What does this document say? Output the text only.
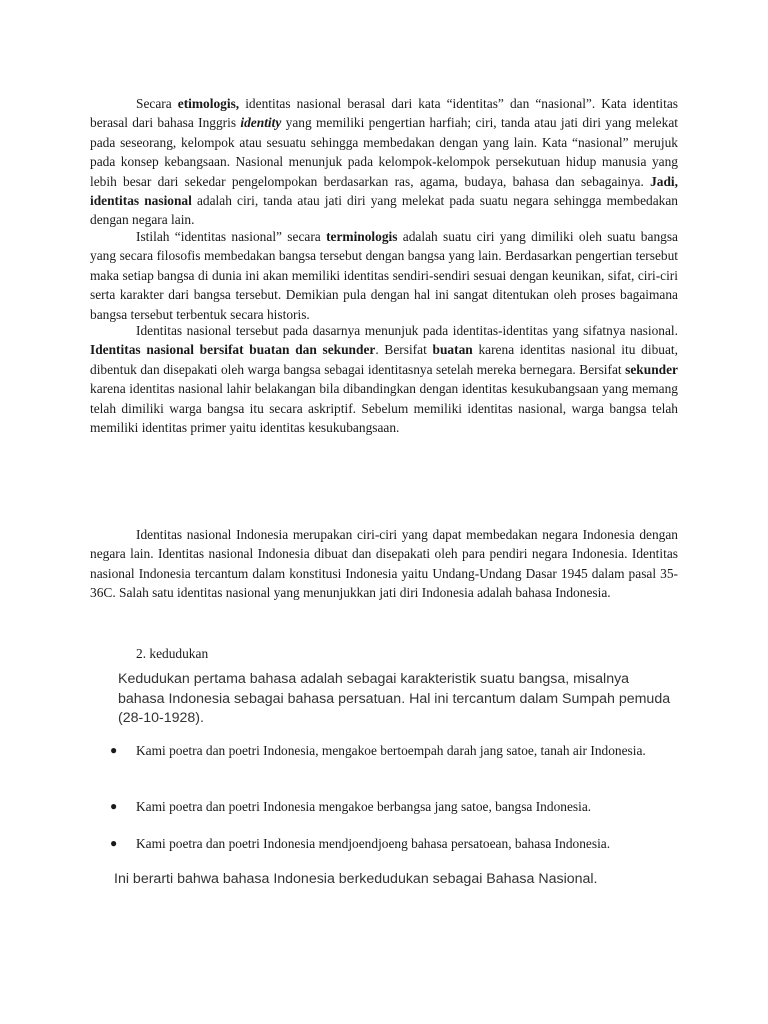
Secara etimologis, identitas nasional berasal dari kata “identitas” dan “nasional”. Kata identitas berasal dari bahasa Inggris identity yang memiliki pengertian harfiah; ciri, tanda atau jati diri yang melekat pada seseorang, kelompok atau sesuatu sehingga membedakan dengan yang lain. Kata “nasional” merujuk pada konsep kebangsaan. Nasional menunjuk pada kelompok-kelompok persekutuan hidup manusia yang lebih besar dari sekedar pengelompokan berdasarkan ras, agama, budaya, bahasa dan sebagainya. Jadi, identitas nasional adalah ciri, tanda atau jati diri yang melekat pada suatu negara sehingga membedakan dengan negara lain.

Istilah “identitas nasional” secara terminologis adalah suatu ciri yang dimiliki oleh suatu bangsa yang secara filosofis membedakan bangsa tersebut dengan bangsa yang lain. Berdasarkan pengertian tersebut maka setiap bangsa di dunia ini akan memiliki identitas sendiri-sendiri sesuai dengan keunikan, sifat, ciri-ciri serta karakter dari bangsa tersebut. Demikian pula dengan hal ini sangat ditentukan oleh proses bagaimana bangsa tersebut terbentuk secara historis.

Identitas nasional tersebut pada dasarnya menunjuk pada identitas-identitas yang sifatnya nasional. Identitas nasional bersifat buatan dan sekunder. Bersifat buatan karena identitas nasional itu dibuat, dibentuk dan disepakati oleh warga bangsa sebagai identitasnya setelah mereka bernegara. Bersifat sekunder karena identitas nasional lahir belakangan bila dibandingkan dengan identitas kesukubangsaan yang memang telah dimiliki warga bangsa itu secara askriptif. Sebelum memiliki identitas nasional, warga bangsa telah memiliki identitas primer yaitu identitas kesukubangsaan.

Identitas nasional Indonesia merupakan ciri-ciri yang dapat membedakan negara Indonesia dengan negara lain. Identitas nasional Indonesia dibuat dan disepakati oleh para pendiri negara Indonesia. Identitas nasional Indonesia tercantum dalam konstitusi Indonesia yaitu Undang-Undang Dasar 1945 dalam pasal 35-36C. Salah satu identitas nasional yang menunjukkan jati diri Indonesia adalah bahasa Indonesia.

2. kedudukan

Kedudukan pertama bahasa adalah sebagai karakteristik suatu bangsa, misalnya bahasa Indonesia sebagai bahasa persatuan. Hal ini tercantum dalam Sumpah pemuda (28-10-1928).

●	Kami poetra dan poetri Indonesia, mengakoe bertoempah darah jang satoe, tanah air Indonesia.
●	Kami poetra dan poetri Indonesia mengakoe berbangsa jang satoe, bangsa Indonesia.
●	Kami poetra dan poetri Indonesia mendjoendjoeng bahasa persatoean, bahasa Indonesia.

Ini berarti bahwa bahasa Indonesia berkedudukan sebagai Bahasa Nasional.
